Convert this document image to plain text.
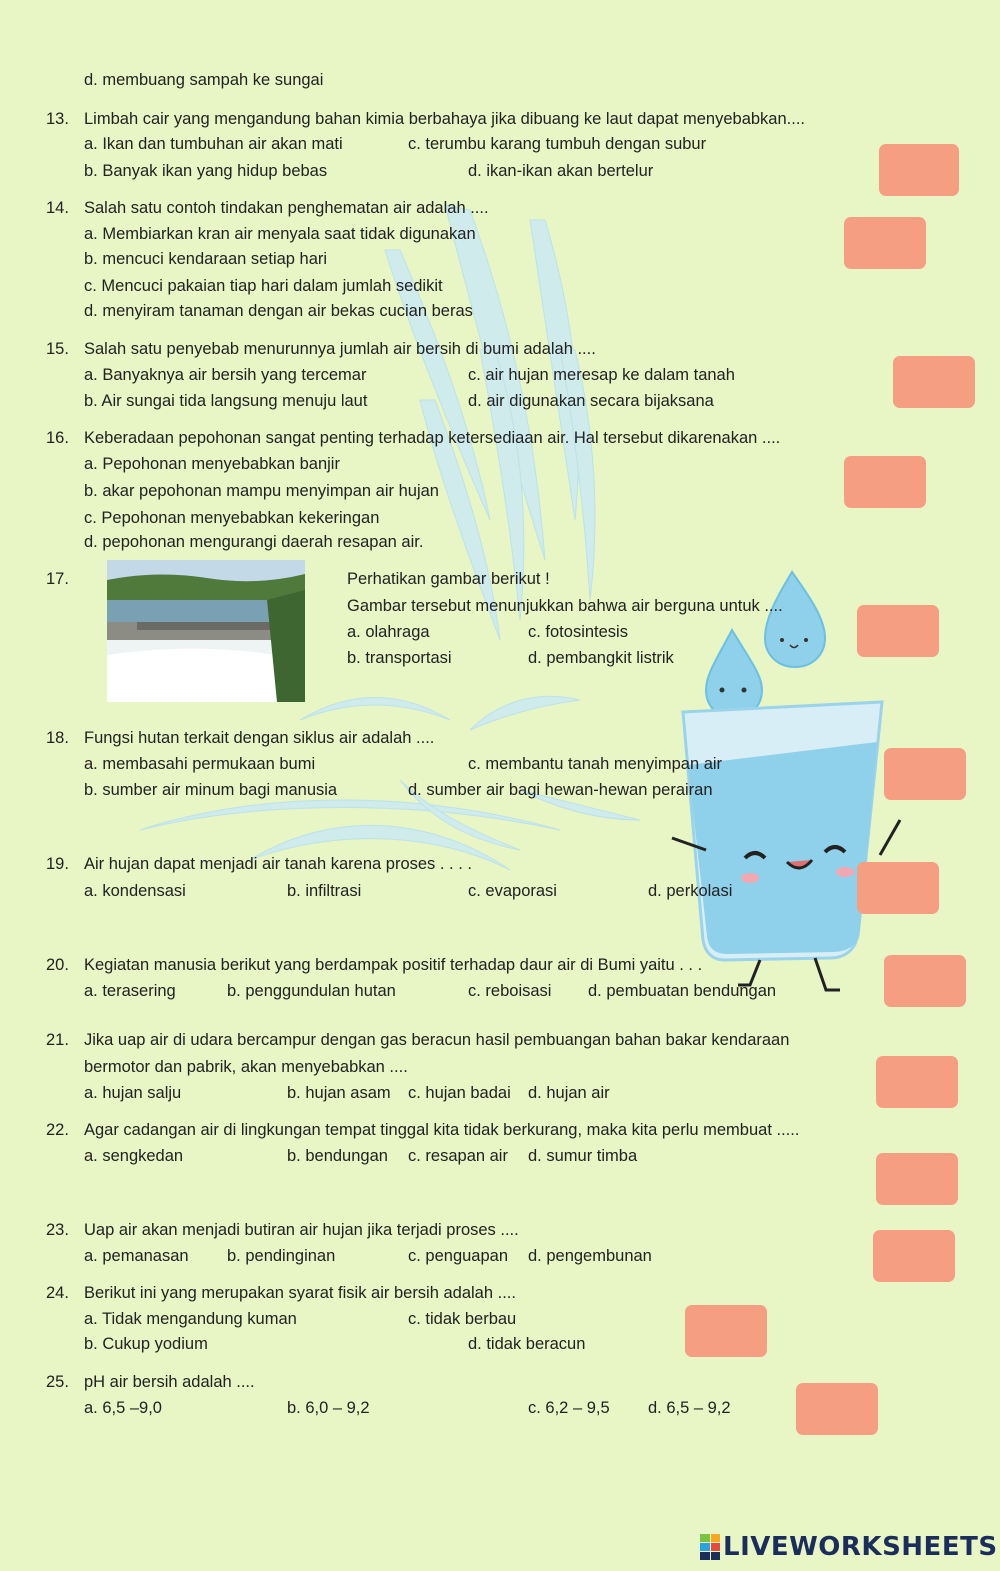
d. membuang sampah ke sungai
13. Limbah cair yang mengandung bahan kimia berbahaya jika dibuang ke laut dapat menyebabkan....
a. Ikan dan tumbuhan air akan mati	c. terumbu karang tumbuh dengan subur
b. Banyak ikan yang hidup bebas	d. ikan-ikan akan bertelur
14. Salah satu contoh tindakan penghematan air adalah ....
a. Membiarkan kran air menyala saat tidak digunakan
b. mencuci kendaraan setiap hari
c. Mencuci pakaian tiap hari dalam jumlah sedikit
d. menyiram tanaman dengan air bekas cucian beras
15. Salah satu penyebab menurunnya jumlah air bersih di bumi adalah ....
a. Banyaknya air bersih yang tercemar	c. air hujan meresap ke dalam tanah
b. Air sungai tida langsung menuju laut	d. air digunakan secara bijaksana
16. Keberadaan pepohonan sangat penting terhadap ketersediaan air. Hal tersebut dikarenakan ....
a. Pepohonan menyebabkan banjir
b. akar pepohonan mampu menyimpan air hujan
c. Pepohonan menyebabkan kekeringan
d. pepohonan mengurangi daerah resapan air.
17.	Perhatikan gambar berikut !
Gambar tersebut menunjukkan bahwa air berguna untuk ....
a. olahraga	c. fotosintesis
b. transportasi	d. pembangkit listrik
18. Fungsi hutan terkait dengan siklus air adalah ....
a. membasahi permukaan bumi	c. membantu tanah menyimpan air
b. sumber air minum bagi manusia	d. sumber air bagi hewan-hewan perairan
19. Air hujan dapat menjadi air tanah karena proses . . . .
a. kondensasi	b. infiltrasi	c. evaporasi	d. perkolasi
20. Kegiatan manusia berikut yang berdampak positif terhadap daur air di Bumi yaitu . . .
a. terasering	b. penggundulan hutan	c. reboisasi d. pembuatan bendungan
21. Jika uap air di udara bercampur dengan gas beracun hasil pembuangan bahan bakar kendaraan
bermotor dan pabrik, akan menyebabkan ....
a. hujan salju	b. hujan asam c. hujan badai d. hujan air
22. Agar cadangan air di lingkungan tempat tinggal kita tidak berkurang, maka kita perlu membuat .....
a. sengkedan	b. bendungan c. resapan air d. sumur timba
23. Uap air akan menjadi butiran air hujan jika terjadi proses ....
a. pemanasan b. pendinginan	c. penguapan d. pengembunan
24. Berikut ini yang merupakan syarat fisik air bersih adalah ....
a. Tidak mengandung kuman	c. tidak berbau
b. Cukup yodium	d. tidak beracun
25. pH air bersih adalah ....
a. 6,5 –9,0	b. 6,0 – 9,2	c. 6,2 – 9,5 d. 6,5 – 9,2
LIVEWORKSHEETS
